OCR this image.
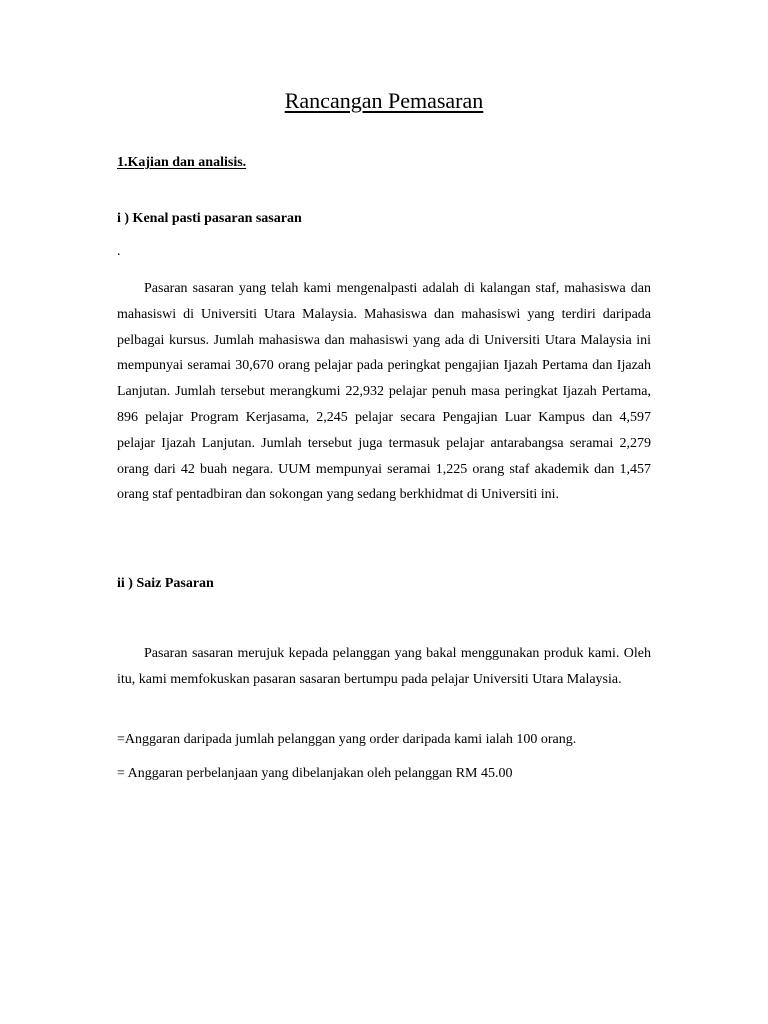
Rancangan Pemasaran
1.Kajian dan analisis.
i ) Kenal pasti pasaran sasaran
.

Pasaran sasaran yang telah kami mengenalpasti adalah di kalangan staf, mahasiswa dan mahasiswi di Universiti Utara Malaysia. Mahasiswa dan mahasiswi yang terdiri daripada pelbagai kursus. Jumlah mahasiswa dan mahasiswi yang ada di Universiti Utara Malaysia ini mempunyai seramai 30,670 orang pelajar pada peringkat pengajian Ijazah Pertama dan Ijazah Lanjutan. Jumlah tersebut merangkumi 22,932 pelajar penuh masa peringkat Ijazah Pertama, 896 pelajar Program Kerjasama, 2,245 pelajar secara Pengajian Luar Kampus dan 4,597 pelajar Ijazah Lanjutan. Jumlah tersebut juga termasuk pelajar antarabangsa seramai 2,279 orang dari 42 buah negara. UUM mempunyai seramai 1,225 orang staf akademik dan 1,457 orang staf pentadbiran dan sokongan yang sedang berkhidmat di Universiti ini.

ii ) Saiz Pasaran

Pasaran sasaran merujuk kepada pelanggan yang bakal menggunakan produk kami. Oleh itu, kami memfokuskan pasaran sasaran bertumpu pada pelajar Universiti Utara Malaysia.

=Anggaran daripada jumlah pelanggan yang order daripada kami ialah 100 orang.

= Anggaran perbelanjaan yang dibelanjakan oleh pelanggan RM 45.00
